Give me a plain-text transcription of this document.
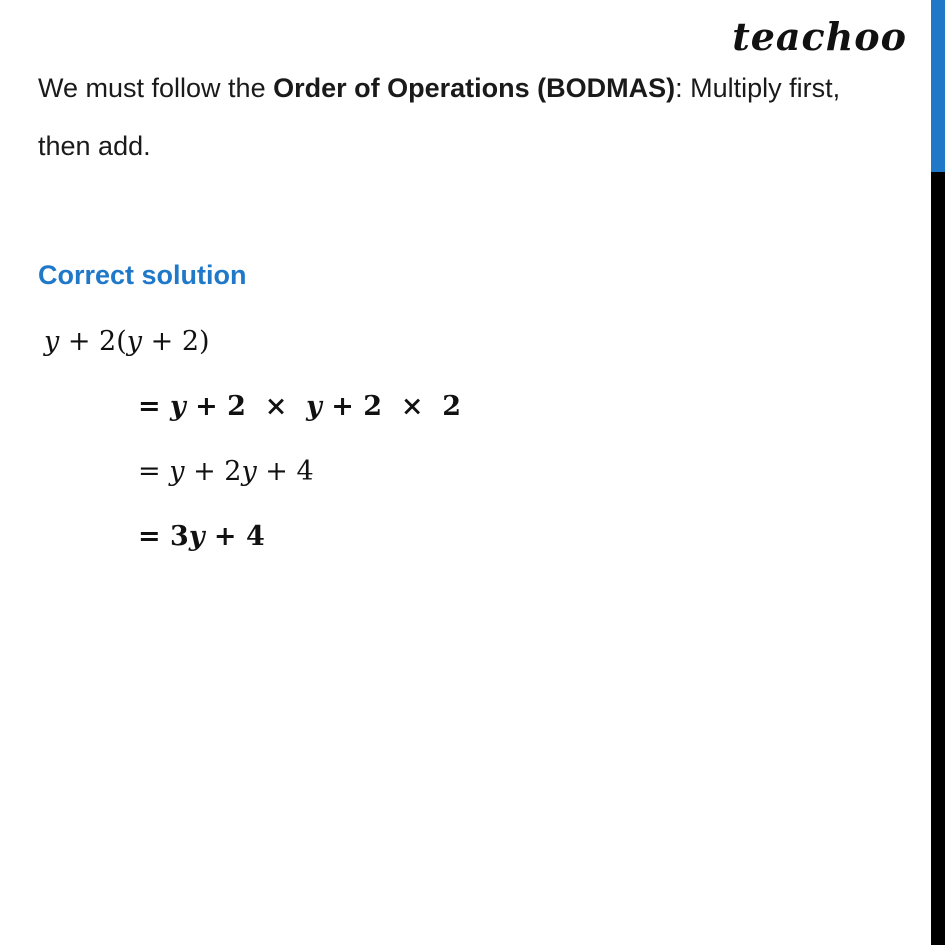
teachoo
We must follow the Order of Operations (BODMAS): Multiply first,
then add.
Correct solution
y + 2(y + 2)
= y + 2  ×  y + 2  ×  2
= y + 2y + 4
= 3y + 4
